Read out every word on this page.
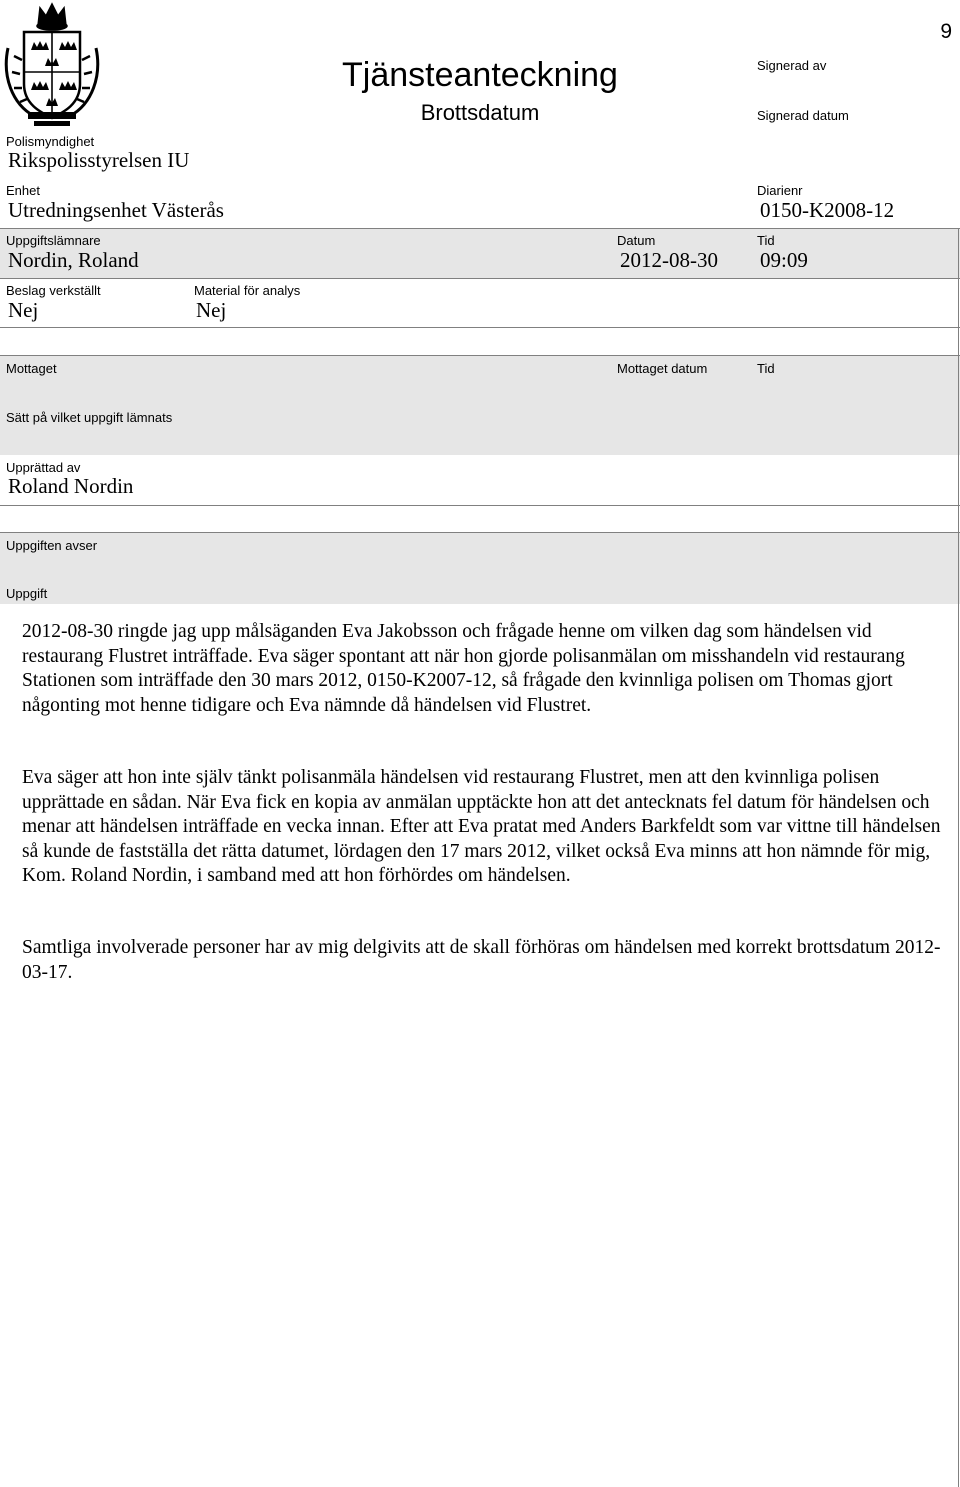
9
Tjänsteanteckning
Brottsdatum
Signerad av
Signerad datum
Polismyndighet
Rikspolisstyrelsen IU
Enhet
Utredningsenhet Västerås
Diarienr
0150-K2008-12
Uppgiftslämnare
Nordin, Roland
Datum
2012-08-30
Tid
09:09
Beslag verkställt
Nej
Material för analys
Nej
Mottaget	Mottaget datum	Tid
Sätt på vilket uppgift lämnats
Upprättad av
Roland Nordin
Uppgiften avser
Uppgift

2012-08-30 ringde jag upp målsäganden Eva Jakobsson och frågade henne om vilken dag som händelsen vid restaurang Flustret inträffade. Eva säger spontant att när hon gjorde polisanmälan om misshandeln vid restaurang Stationen som inträffade den 30 mars 2012, 0150-K2007-12, så frågade den kvinnliga polisen om Thomas gjort någonting mot henne tidigare och Eva nämnde då händelsen vid Flustret.

Eva säger att hon inte själv tänkt polisanmäla händelsen vid restaurang Flustret, men att den kvinnliga polisen upprättade en sådan. När Eva fick en kopia av anmälan upptäckte hon att det antecknats fel datum för händelsen och menar att händelsen inträffade en vecka innan. Efter att Eva pratat med Anders Barkfeldt som var vittne till händelsen så kunde de fastställa det rätta datumet, lördagen den 17 mars 2012, vilket också Eva minns att hon nämnde för mig, Kom. Roland Nordin, i samband med att hon förhördes om händelsen.

Samtliga involverade personer har av mig delgivits att de skall förhöras om händelsen med korrekt brottsdatum 2012-03-17.
